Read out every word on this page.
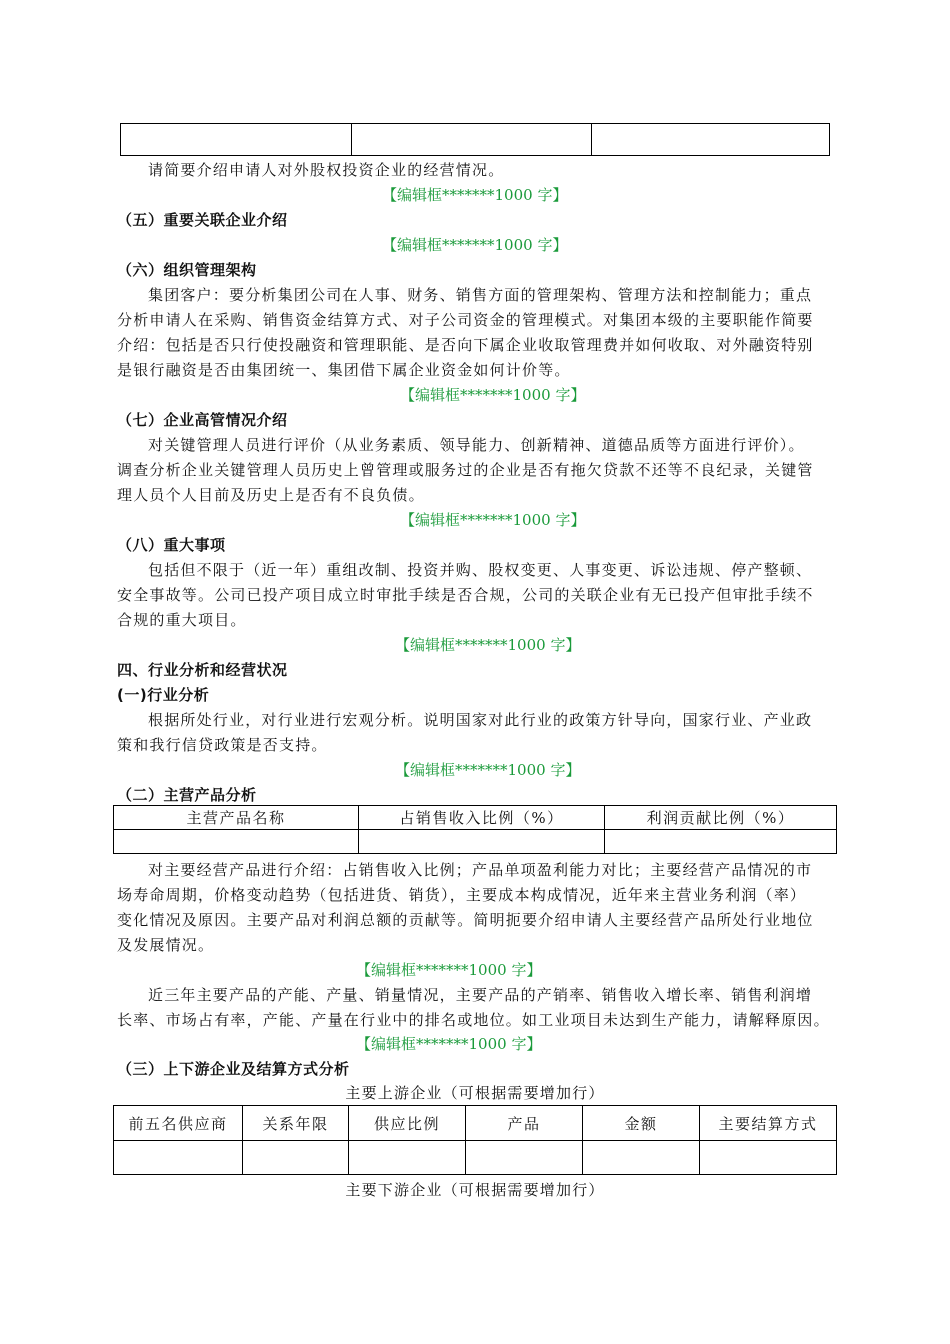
请简要介绍申请人对外股权投资企业的经营情况。
【编辑框*******1000 字】
（五）重要关联企业介绍
【编辑框*******1000 字】
（六）组织管理架构
集团客户：要分析集团公司在人事、财务、销售方面的管理架构、管理方法和控制能力；重点
分析申请人在采购、销售资金结算方式、对子公司资金的管理模式。对集团本级的主要职能作简要
介绍：包括是否只行使投融资和管理职能、是否向下属企业收取管理费并如何收取、对外融资特别
是银行融资是否由集团统一、集团借下属企业资金如何计价等。
【编辑框*******1000 字】
（七）企业高管情况介绍
对关键管理人员进行评价（从业务素质、领导能力、创新精神、道德品质等方面进行评价）。
调查分析企业关键管理人员历史上曾管理或服务过的企业是否有拖欠贷款不还等不良纪录，关键管
理人员个人目前及历史上是否有不良负债。
【编辑框*******1000 字】
（八）重大事项
包括但不限于（近一年）重组改制、投资并购、股权变更、人事变更、诉讼违规、停产整顿、
安全事故等。公司已投产项目成立时审批手续是否合规，公司的关联企业有无已投产但审批手续不
合规的重大项目。
【编辑框*******1000 字】
四、行业分析和经营状况
(一)行业分析
根据所处行业，对行业进行宏观分析。说明国家对此行业的政策方针导向，国家行业、产业政
策和我行信贷政策是否支持。
【编辑框*******1000 字】
（二）主营产品分析
主营产品名称	占销售收入比例（%）	利润贡献比例（%）

对主要经营产品进行介绍：占销售收入比例；产品单项盈利能力对比；主要经营产品情况的市
场寿命周期，价格变动趋势（包括进货、销货），主要成本构成情况，近年来主营业务利润（率）
变化情况及原因。主要产品对利润总额的贡献等。简明扼要介绍申请人主要经营产品所处行业地位
及发展情况。
【编辑框*******1000 字】
近三年主要产品的产能、产量、销量情况，主要产品的产销率、销售收入增长率、销售利润增
长率、市场占有率，产能、产量在行业中的排名或地位。如工业项目未达到生产能力，请解释原因。
【编辑框*******1000 字】
（三）上下游企业及结算方式分析
主要上游企业（可根据需要增加行）
前五名供应商	关系年限	供应比例	产品	金额	主要结算方式

主要下游企业（可根据需要增加行）
